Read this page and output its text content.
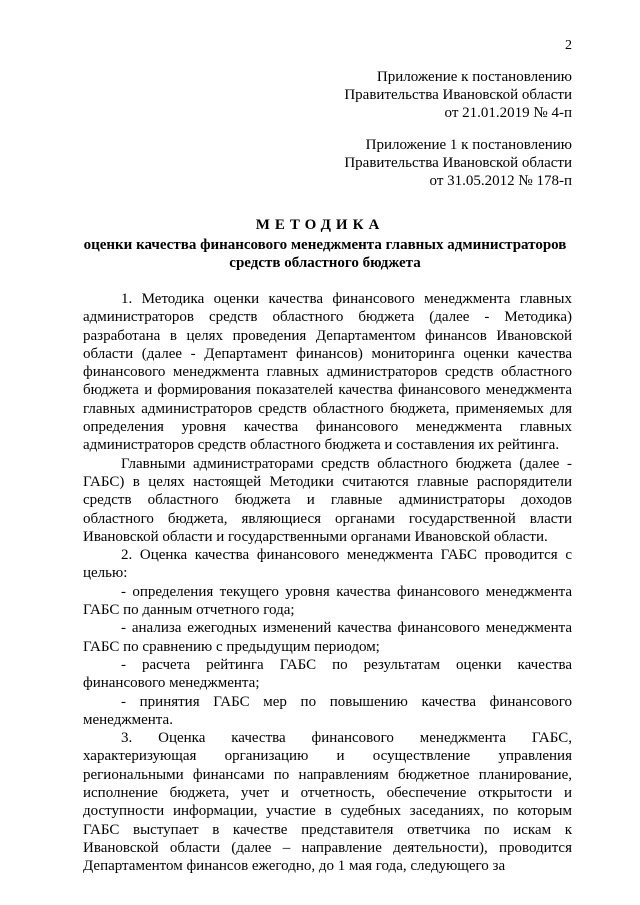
2
Приложение к постановлению
Правительства Ивановской области
от 21.01.2019 № 4-п
Приложение 1 к постановлению
Правительства Ивановской области
от 31.05.2012 № 178-п
МЕТОДИКА
оценки качества финансового менеджмента главных администраторов средств областного бюджета

1. Методика оценки качества финансового менеджмента главных администраторов средств областного бюджета (далее - Методика) разработана в целях проведения Департаментом финансов Ивановской области (далее - Департамент финансов) мониторинга оценки качества финансового менеджмента главных администраторов средств областного бюджета и формирования показателей качества финансового менеджмента главных администраторов средств областного бюджета, применяемых для определения уровня качества финансового менеджмента главных администраторов средств областного бюджета и составления их рейтинга.

Главными администраторами средств областного бюджета (далее - ГАБС) в целях настоящей Методики считаются главные распорядители средств областного бюджета и главные администраторы доходов областного бюджета, являющиеся органами государственной власти Ивановской области и государственными органами Ивановской области.

2. Оценка качества финансового менеджмента ГАБС проводится с целью:

- определения текущего уровня качества финансового менеджмента ГАБС по данным отчетного года;

- анализа ежегодных изменений качества финансового менеджмента ГАБС по сравнению с предыдущим периодом;

- расчета рейтинга ГАБС по результатам оценки качества финансового менеджмента;

- принятия ГАБС мер по повышению качества финансового менеджмента.

3. Оценка качества финансового менеджмента ГАБС, характеризующая организацию и осуществление управления региональными финансами по направлениям бюджетное планирование, исполнение бюджета, учет и отчетность, обеспечение открытости и доступности информации, участие в судебных заседаниях, по которым ГАБС выступает в качестве представителя ответчика по искам к Ивановской области (далее – направление деятельности), проводится Департаментом финансов ежегодно, до 1 мая года, следующего за
